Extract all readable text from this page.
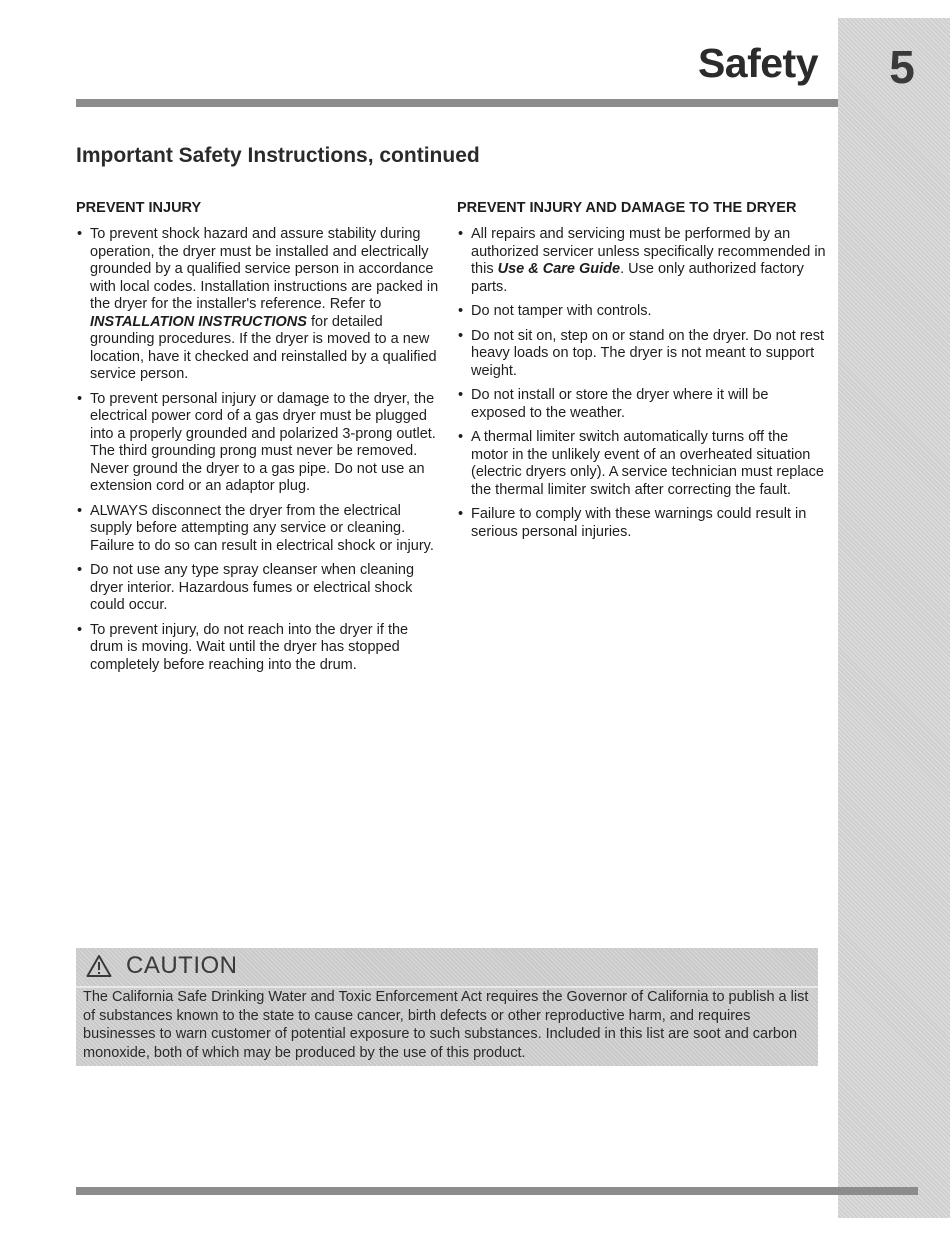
5
Safety
Important Safety Instructions, continued
PREVENT INJURY
• To prevent shock hazard and assure stability during operation, the dryer must be installed and electrically grounded by a qualified service person in accordance with local codes. Installation instructions are packed in the dryer for the installer's reference. Refer to INSTALLATION INSTRUCTIONS for detailed grounding procedures. If the dryer is moved to a new location, have it checked and reinstalled by a qualified service person.
• To prevent personal injury or damage to the dryer, the electrical power cord of a gas dryer must be plugged into a properly grounded and polarized 3-prong outlet. The third grounding prong must never be removed. Never ground the dryer to a gas pipe. Do not use an extension cord or an adaptor plug.
• ALWAYS disconnect the dryer from the electrical supply before attempting any service or cleaning. Failure to do so can result in electrical shock or injury.
• Do not use any type spray cleanser when cleaning dryer interior. Hazardous fumes or electrical shock could occur.
• To prevent injury, do not reach into the dryer if the drum is moving. Wait until the dryer has stopped completely before reaching into the drum.
PREVENT INJURY AND DAMAGE TO THE DRYER
• All repairs and servicing must be performed by an authorized servicer unless specifically recommended in this Use & Care Guide. Use only authorized factory parts.
• Do not tamper with controls.
• Do not sit on, step on or stand on the dryer. Do not rest heavy loads on top. The dryer is not meant to support weight.
• Do not install or store the dryer where it will be exposed to the weather.
• A thermal limiter switch automatically turns off the motor in the unlikely event of an overheated situation (electric dryers only). A service technician must replace the thermal limiter switch after correcting the fault.
• Failure to comply with these warnings could result in serious personal injuries.
CAUTION
The California Safe Drinking Water and Toxic Enforcement Act requires the Governor of California to publish a list of substances known to the state to cause cancer, birth defects or other reproductive harm, and requires businesses to warn customer of potential exposure to such substances. Included in this list are soot and carbon monoxide, both of which may be produced by the use of this product.
